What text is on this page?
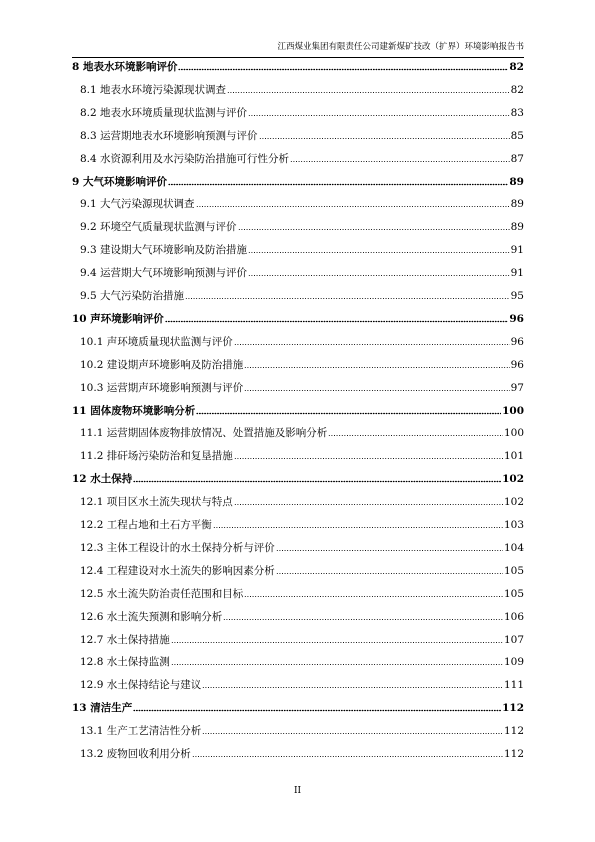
江西煤业集团有限责任公司建新煤矿技改（扩界）环境影响报告书
8 地表水环境影响评价	82
8.1 地表水环境污染源现状调查	82
8.2 地表水环境质量现状监测与评价	83
8.3 运营期地表水环境影响预测与评价	85
8.4 水资源利用及水污染防治措施可行性分析	87
9 大气环境影响评价	89
9.1 大气污染源现状调查	89
9.2 环境空气质量现状监测与评价	89
9.3 建设期大气环境影响及防治措施	91
9.4 运营期大气环境影响预测与评价	91
9.5 大气污染防治措施	95
10 声环境影响评价	96
10.1 声环境质量现状监测与评价	96
10.2 建设期声环境影响及防治措施	96
10.3 运营期声环境影响预测与评价	97
11 固体废物环境影响分析	100
11.1 运营期固体废物排放情况、处置措施及影响分析	100
11.2 排矸场污染防治和复垦措施	101
12 水土保持	102
12.1 项目区水土流失现状与特点	102
12.2 工程占地和土石方平衡	103
12.3 主体工程设计的水土保持分析与评价	104
12.4 工程建设对水土流失的影响因素分析	105
12.5 水土流失防治责任范围和目标	105
12.6 水土流失预测和影响分析	106
12.7 水土保持措施	107
12.8 水土保持监测	109
12.9 水土保持结论与建议	111
13 清洁生产	112
13.1 生产工艺清洁性分析	112
13.2 废物回收利用分析	112
II
